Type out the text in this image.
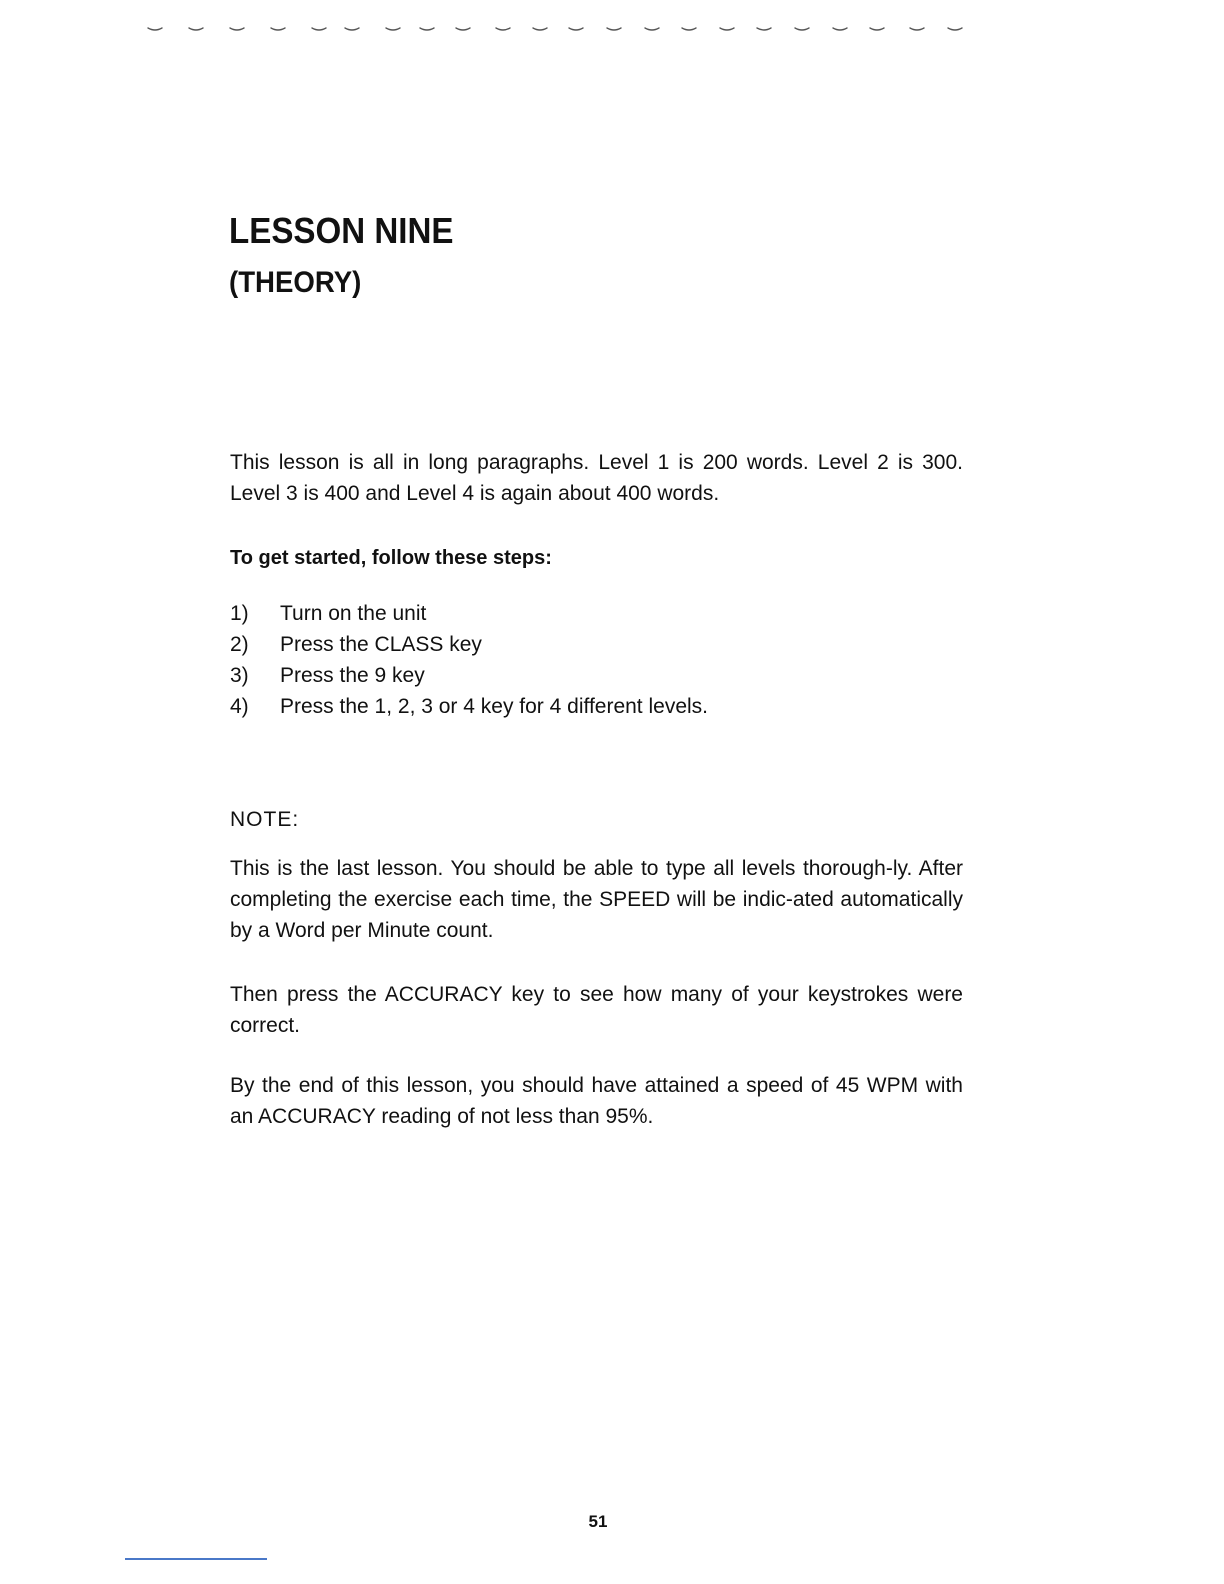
LESSON NINE
(THEORY)

This lesson is all in long paragraphs. Level 1 is 200 words. Level 2 is 300. Level 3 is 400 and Level 4 is again about 400 words.

To get started, follow these steps:

1)	Turn on the unit
2)	Press the CLASS key
3)	Press the 9 key
4)	Press the 1, 2, 3 or 4 key for 4 different levels.

NOTE:

This is the last lesson. You should be able to type all levels thorough-ly. After completing the exercise each time, the SPEED will be indic-ated automatically by a Word per Minute count.

Then press the ACCURACY key to see how many of your keystrokes were correct.

By the end of this lesson, you should have attained a speed of 45 WPM with an ACCURACY reading of not less than 95%.

51
